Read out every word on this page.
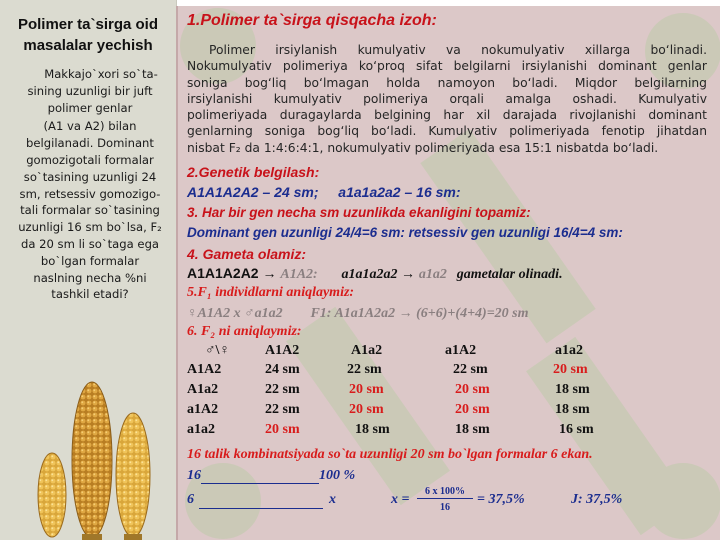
Polimer ta`sirga oid
masalalar yechish
Makkajo`xori so`ta-
sining uzunligi bir juft
polimer genlar
(A1 va A2) bilan
belgilanadi. Dominant
gomozigotali formalar
so`tasining uzunligi 24
sm, retsessiv gomozigo-
tali formalar so`tasining
uzunligi 16 sm bo`lsa, F₂
da 20 sm li so`taga ega
bo`lgan formalar
naslning necha %ni
tashkil etadi?
1.Polimer ta`sirga qisqacha izoh:
Polimer irsiylanish kumulyativ va nokumulyativ xillarga bo‘linadi.
Nokumulyativ polimeriya ko‘proq sifat belgilarni irsiylanishi dominant genlar
soniga bog‘liq bo‘lmagan holda namoyon bo‘ladi. Miqdor belgilarning
irsiylanishi kumulyativ polimeriya orqali amalga oshadi. Kumulyativ
polimeriyada duragaylarda belgining har xil darajada rivojlanishi dominant
genlarning soniga bog‘liq bo‘ladi. Kumulyativ polimeriyada fenotip jihatdan
nisbat F₂ da 1:4:6:4:1, nokumulyativ polimeriyada esa 15:1 nisbatda bo‘ladi.
2.Genetik belgilash:
A1A1A2A2 – 24 sm; a1a1a2a2 – 16 sm:
3. Har bir gen necha sm uzunlikda ekanligini topamiz:
Dominant gen uzunligi 24/4=6 sm: retsessiv gen uzunligi 16/4=4 sm:
4. Gameta olamiz:
A1A1A2A2 → A1A2: a1a1a2a2 → a1a2 gametalar olinadi.
5.F₁ individlarni aniqlaymiz:
♀A1A2 x ♂a1a2 F1: A1a1A2a2 → (6+6)+(4+4)=20 sm
6. F₂ ni aniqlaymiz:
♂\♀	A1A2	A1a2	a1A2	a1a2
A1A2	24 sm	22 sm	22 sm	20 sm
A1a2	22 sm	20 sm	20 sm	18 sm
a1A2	22 sm	20 sm	20 sm	18 sm
a1a2	20 sm	18 sm	18 sm	16 sm
16 talik kombinatsiyada so`ta uzunligi 20 sm bo`lgan formalar 6 ekan.
16	100 %
6	x	x =
6 x 100%
16
= 37,5%	J: 37,5%
